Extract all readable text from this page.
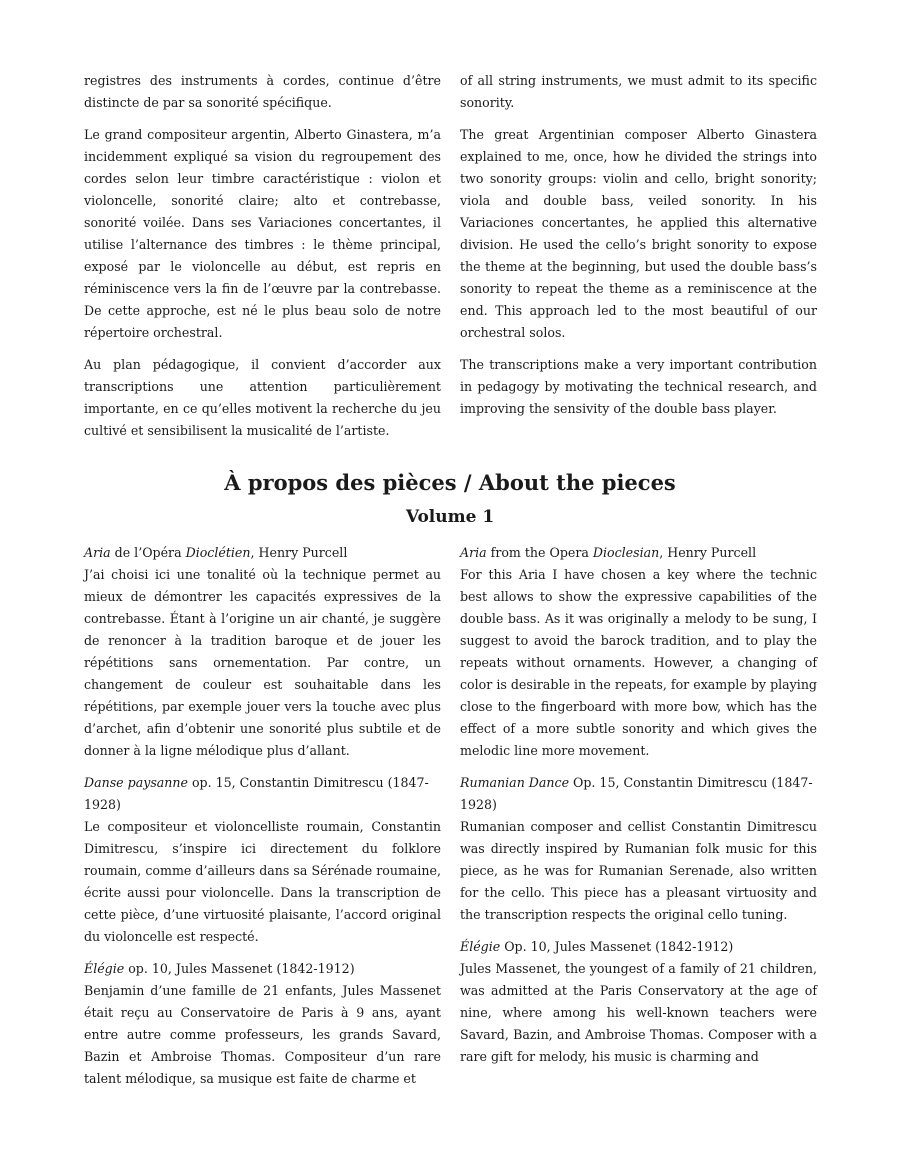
registres des instruments à cordes, continue d’être distincte de par sa sonorité spécifique.

Le grand compositeur argentin, Alberto Ginastera, m’a incidemment expliqué sa vision du regroupement des cordes selon leur timbre caractéristique : violon et violoncelle, sonorité claire; alto et contrebasse, sonorité voilée. Dans ses Variaciones concertantes, il utilise l’alternance des timbres : le thème principal, exposé par le violoncelle au début, est repris en réminiscence vers la fin de l’œuvre par la contrebasse. De cette approche, est né le plus beau solo de notre répertoire orchestral.

Au plan pédagogique, il convient d’accorder aux transcriptions une attention particulièrement importante, en ce qu’elles motivent la recherche du jeu cultivé et sensibilisent la musicalité de l’artiste.

of all string instruments, we must admit to its specific sonority.

The great Argentinian composer Alberto Ginastera explained to me, once, how he divided the strings into two sonority groups: violin and cello, bright sonority; viola and double bass, veiled sonority. In his Variaciones concertantes, he applied this alternative division. He used the cello’s bright sonority to expose the theme at the beginning, but used the double bass’s sonority to repeat the theme as a reminiscence at the end. This approach led to the most beautiful of our orchestral solos.

The transcriptions make a very important contribution in pedagogy by motivating the technical research, and improving the sensivity of the double bass player.

À propos des pièces / About the pieces
Volume 1
Aria de l’Opéra Dioclétien, Henry Purcell
J’ai choisi ici une tonalité où la technique permet au mieux de démontrer les capacités expressives de la contrebasse. Étant à l’origine un air chanté, je suggère de renoncer à la tradition baroque et de jouer les répétitions sans ornementation. Par contre, un changement de couleur est souhaitable dans les répétitions, par exemple jouer vers la touche avec plus d’archet, afin d’obtenir une sonorité plus subtile et de donner à la ligne mélodique plus d’allant.
Danse paysanne op. 15, Constantin Dimitrescu (1847-1928)
Le compositeur et violoncelliste roumain, Constantin Dimitrescu, s’inspire ici directement du folklore roumain, comme d’ailleurs dans sa Sérénade roumaine, écrite aussi pour violoncelle. Dans la transcription de cette pièce, d’une virtuosité plaisante, l’accord original du violoncelle est respecté.
Élégie op. 10, Jules Massenet (1842-1912)
Benjamin d’une famille de 21 enfants, Jules Massenet était reçu au Conservatoire de Paris à 9 ans, ayant entre autre comme professeurs, les grands Savard, Bazin et Ambroise Thomas. Compositeur d’un rare talent mélodique, sa musique est faite de charme et
Aria from the Opera Dioclesian, Henry Purcell
For this Aria I have chosen a key where the technic best allows to show the expressive capabilities of the double bass. As it was originally a melody to be sung, I suggest to avoid the barock tradition, and to play the repeats without ornaments. However, a changing of color is desirable in the repeats, for example by playing close to the fingerboard with more bow, which has the effect of a more subtle sonority and which gives the melodic line more movement.
Rumanian Dance Op. 15, Constantin Dimitrescu (1847-1928)
Rumanian composer and cellist Constantin Dimitrescu was directly inspired by Rumanian folk music for this piece, as he was for Rumanian Serenade, also written for the cello. This piece has a pleasant virtuosity and the transcription respects the original cello tuning.
Élégie Op. 10, Jules Massenet (1842-1912)
Jules Massenet, the youngest of a family of 21 children, was admitted at the Paris Conservatory at the age of nine, where among his well-known teachers were Savard, Bazin, and Ambroise Thomas. Composer with a rare gift for melody, his music is charming and
